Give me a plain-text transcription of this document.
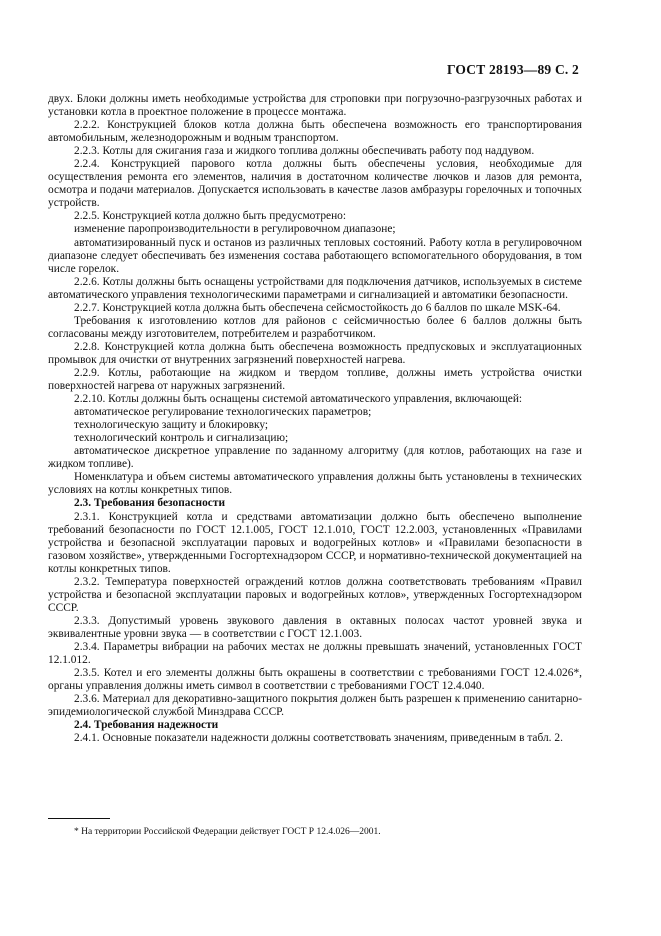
ГОСТ 28193—89 С. 2

двух. Блоки должны иметь необходимые устройства для строповки при погрузочно-разгрузочных работах и установки котла в проектное положение в процессе монтажа.

2.2.2. Конструкцией блоков котла должна быть обеспечена возможность его транспортирования автомобильным, железнодорожным и водным транспортом.

2.2.3. Котлы для сжигания газа и жидкого топлива должны обеспечивать работу под наддувом.

2.2.4. Конструкцией парового котла должны быть обеспечены условия, необходимые для осуществления ремонта его элементов, наличия в достаточном количестве лючков и лазов для ремонта, осмотра и подачи материалов. Допускается использовать в качестве лазов амбразуры горелочных и топочных устройств.

2.2.5. Конструкцией котла должно быть предусмотрено:

изменение паропроизводительности в регулировочном диапазоне;

автоматизированный пуск и останов из различных тепловых состояний. Работу котла в регулировочном диапазоне следует обеспечивать без изменения состава работающего вспомогательного оборудования, в том числе горелок.

2.2.6. Котлы должны быть оснащены устройствами для подключения датчиков, используемых в системе автоматического управления технологическими параметрами и сигнализацией и автоматики безопасности.

2.2.7. Конструкцией котла должна быть обеспечена сейсмостойкость до 6 баллов по шкале MSK-64.

Требования к изготовлению котлов для районов с сейсмичностью более 6 баллов должны быть согласованы между изготовителем, потребителем и разработчиком.

2.2.8. Конструкцией котла должна быть обеспечена возможность предпусковых и эксплуатационных промывок для очистки от внутренних загрязнений поверхностей нагрева.

2.2.9. Котлы, работающие на жидком и твердом топливе, должны иметь устройства очистки поверхностей нагрева от наружных загрязнений.

2.2.10. Котлы должны быть оснащены системой автоматического управления, включающей:

автоматическое регулирование технологических параметров;

технологическую защиту и блокировку;

технологический контроль и сигнализацию;

автоматическое дискретное управление по заданному алгоритму (для котлов, работающих на газе и жидком топливе).

Номенклатура и объем системы автоматического управления должны быть установлены в технических условиях на котлы конкретных типов.

2.3. Требования безопасности

2.3.1. Конструкцией котла и средствами автоматизации должно быть обеспечено выполнение требований безопасности по ГОСТ 12.1.005, ГОСТ 12.1.010, ГОСТ 12.2.003, установленных «Правилами устройства и безопасной эксплуатации паровых и водогрейных котлов» и «Правилами безопасности в газовом хозяйстве», утвержденными Госгортехнадзором СССР, и нормативно-технической документацией на котлы конкретных типов.

2.3.2. Температура поверхностей ограждений котлов должна соответствовать требованиям «Правил устройства и безопасной эксплуатации паровых и водогрейных котлов», утвержденных Госгортехнадзором СССР.

2.3.3. Допустимый уровень звукового давления в октавных полосах частот уровней звука и эквивалентные уровни звука — в соответствии с ГОСТ 12.1.003.

2.3.4. Параметры вибрации на рабочих местах не должны превышать значений, установленных ГОСТ 12.1.012.

2.3.5. Котел и его элементы должны быть окрашены в соответствии с требованиями ГОСТ 12.4.026*, органы управления должны иметь символ в соответствии с требованиями ГОСТ 12.4.040.

2.3.6. Материал для декоративно-защитного покрытия должен быть разрешен к применению санитарно-эпидемиологической службой Минздрава СССР.

2.4. Требования надежности

2.4.1. Основные показатели надежности должны соответствовать значениям, приведенным в табл. 2.

* На территории Российской Федерации действует ГОСТ Р 12.4.026—2001.
